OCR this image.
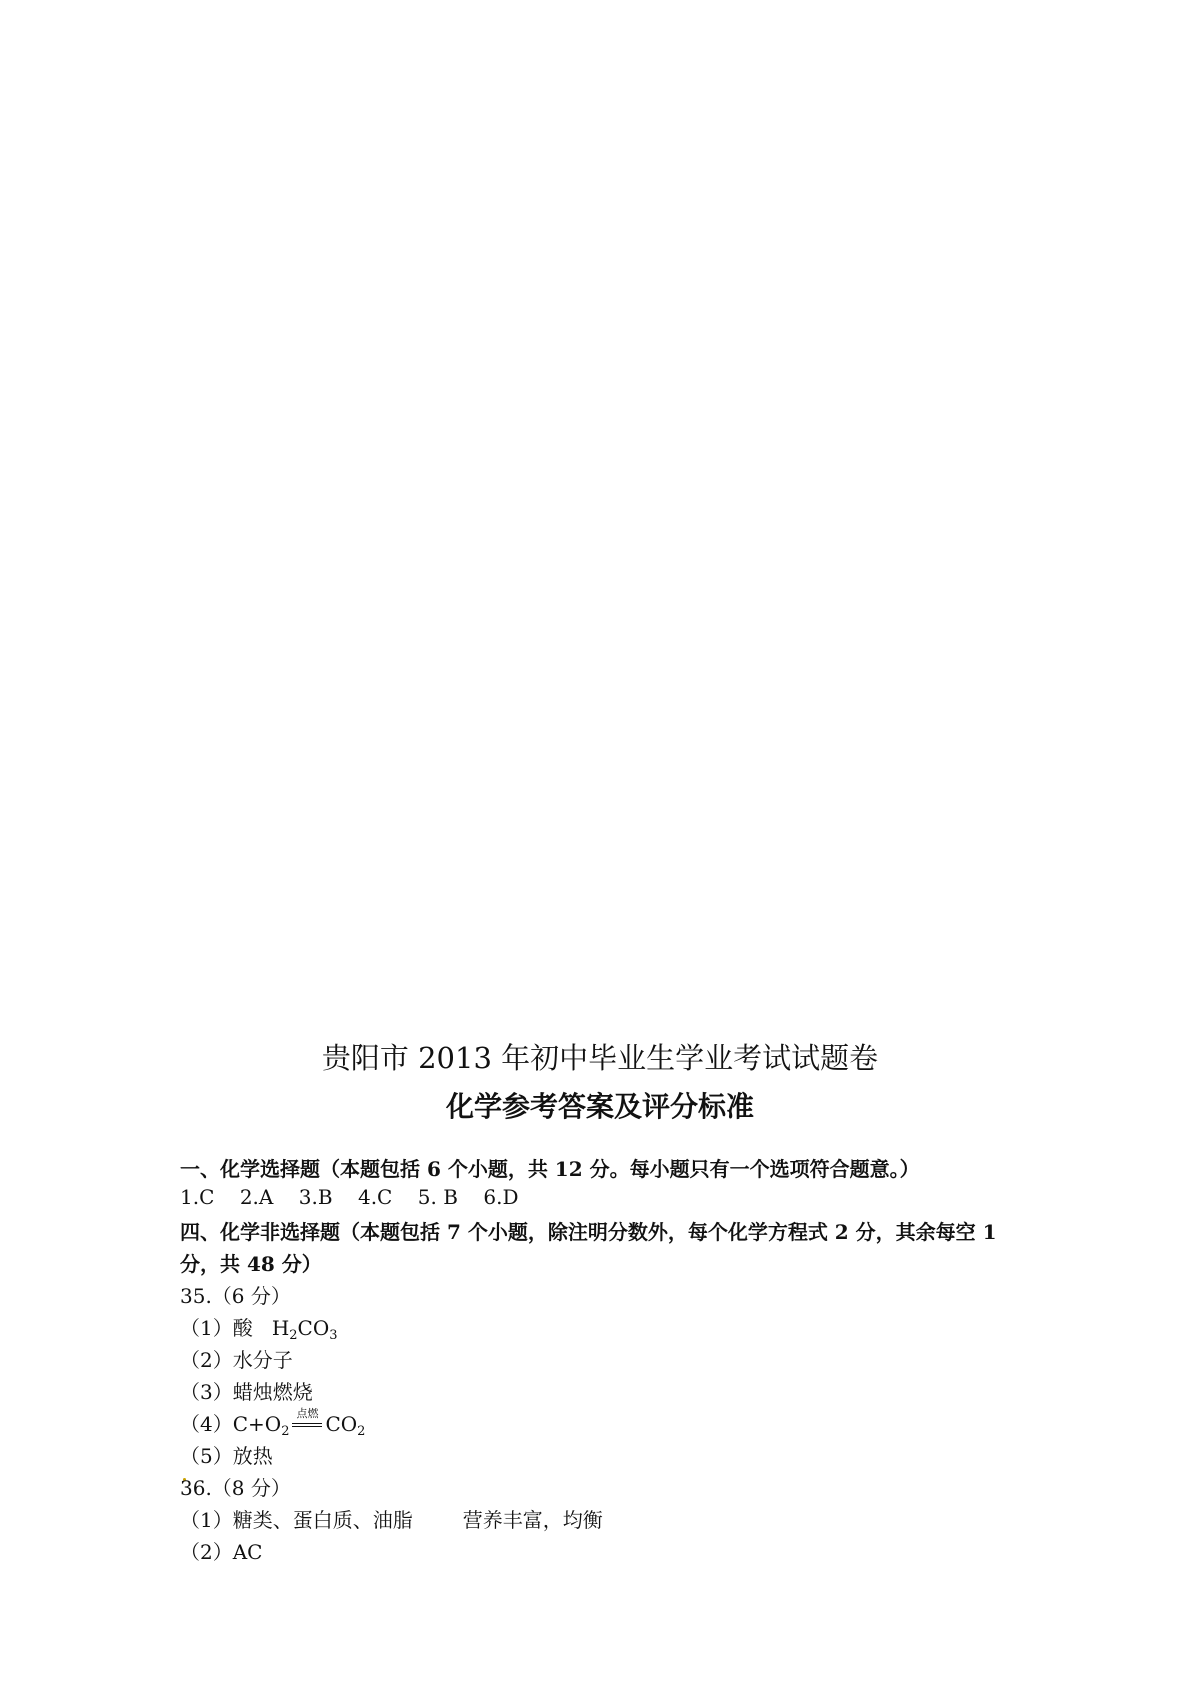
贵阳市 2013 年初中毕业生学业考试试题卷
化学参考答案及评分标准
一、化学选择题（本题包括 6 个小题，共 12 分。每小题只有一个选项符合题意。）
1.C    2.A    3.B    4.C    5. B    6.D
四、化学非选择题（本题包括 7 个小题，除注明分数外，每个化学方程式 2 分，其余每空 1
分，共 48 分）
35.（6 分）
（1）酸 $H_2CO_3$
（2）水分子
（3）蜡烛燃烧
$(4)C+O_2$
点燃 $CO_2$
（5）放热
36.（8 分）
（1）糖类、蛋白质、油脂	营养丰富，均衡
（2）AC
